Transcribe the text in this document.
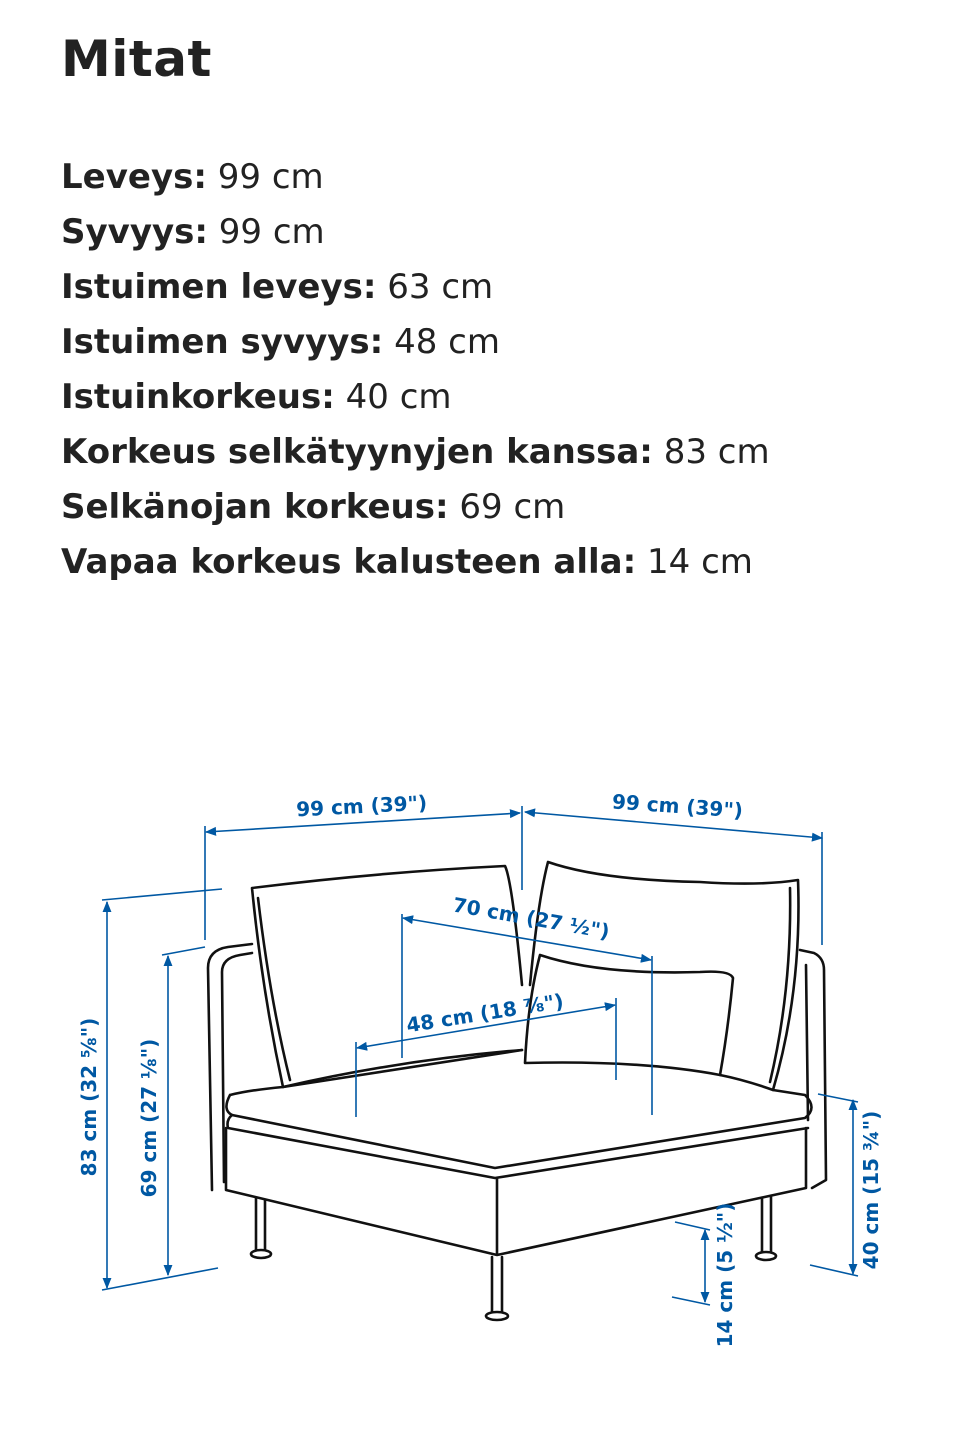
Mitat
Leveys: 99 cm
Syvyys: 99 cm
Istuimen leveys: 63 cm
Istuimen syvyys: 48 cm
Istuinkorkeus: 40 cm
Korkeus selkätyynyjen kanssa: 83 cm
Selkänojan korkeus: 69 cm
Vapaa korkeus kalusteen alla: 14 cm
99 cm (39")	99 cm (39")
70 cm (27 ½")
48 cm (18 ⅞")
83 cm (32 ⅝") 69 cm (27 ⅛")	40 cm (15 ¾")
14 cm (5 ½")
